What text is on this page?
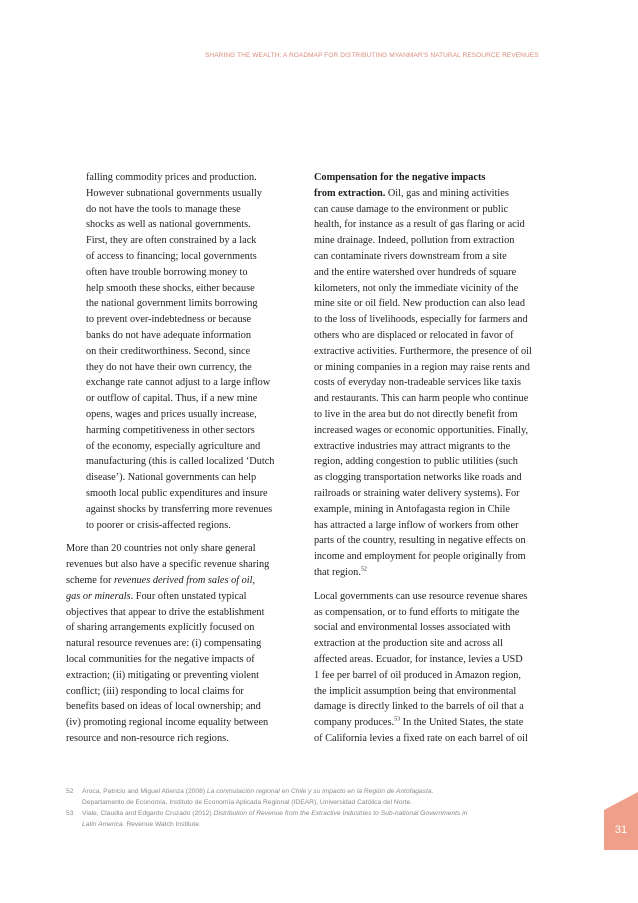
SHARING THE WEALTH: A ROADMAP FOR DISTRIBUTING MYANMAR'S NATURAL RESOURCE REVENUES
falling commodity prices and production.
However subnational governments usually
do not have the tools to manage these
shocks as well as national governments.
First, they are often constrained by a lack
of access to financing; local governments
often have trouble borrowing money to
help smooth these shocks, either because
the national government limits borrowing
to prevent over-indebtedness or because
banks do not have adequate information
on their creditworthiness. Second, since
they do not have their own currency, the
exchange rate cannot adjust to a large inflow
or outflow of capital. Thus, if a new mine
opens, wages and prices usually increase,
harming competitiveness in other sectors
of the economy, especially agriculture and
manufacturing (this is called localized ‘Dutch
disease’). National governments can help
smooth local public expenditures and insure
against shocks by transferring more revenues
to poorer or crisis-affected regions.

More than 20 countries not only share general
revenues but also have a specific revenue sharing
scheme for revenues derived from sales of oil,
gas or minerals. Four often unstated typical
objectives that appear to drive the establishment
of sharing arrangements explicitly focused on
natural resource revenues are: (i) compensating
local communities for the negative impacts of
extraction; (ii) mitigating or preventing violent
conflict; (iii) responding to local claims for
benefits based on ideas of local ownership; and
(iv) promoting regional income equality between
resource and non-resource rich regions.

Compensation for the negative impacts
from extraction. Oil, gas and mining activities
can cause damage to the environment or public
health, for instance as a result of gas flaring or acid
mine drainage. Indeed, pollution from extraction
can contaminate rivers downstream from a site
and the entire watershed over hundreds of square
kilometers, not only the immediate vicinity of the
mine site or oil field. New production can also lead
to the loss of livelihoods, especially for farmers and
others who are displaced or relocated in favor of
extractive activities. Furthermore, the presence of oil
or mining companies in a region may raise rents and
costs of everyday non-tradeable services like taxis
and restaurants. This can harm people who continue
to live in the area but do not directly benefit from
increased wages or economic opportunities. Finally,
extractive industries may attract migrants to the
region, adding congestion to public utilities (such
as clogging transportation networks like roads and
railroads or straining water delivery systems). For
example, mining in Antofagasta region in Chile
has attracted a large inflow of workers from other
parts of the country, resulting in negative effects on
income and employment for people originally from
that region.$^{52}$

Local governments can use resource revenue shares
as compensation, or to fund efforts to mitigate the
social and environmental losses associated with
extraction at the production site and across all
affected areas. Ecuador, for instance, levies a USD
1 fee per barrel of oil produced in Amazon region,
the implicit assumption being that environmental
damage is directly linked to the barrels of oil that a
company produces.$^{53}$ In the United States, the state
of California levies a fixed rate on each barrel of oil

52 Aroca, Patricio and Miguel Atienza (2008) La conmutación regional en Chile y su impacto en la Región de Antofagasta.
Departamento de Economía, Instituto de Economía Aplicada Regional (IDEAR), Universidad Católica del Norte.
53 Viale, Claudia and Edgardo Cruzado (2012) Distribution of Revenue from the Extractive Industries to Sub-national Governments in
Latin America. Revenue Watch Institute.	31
